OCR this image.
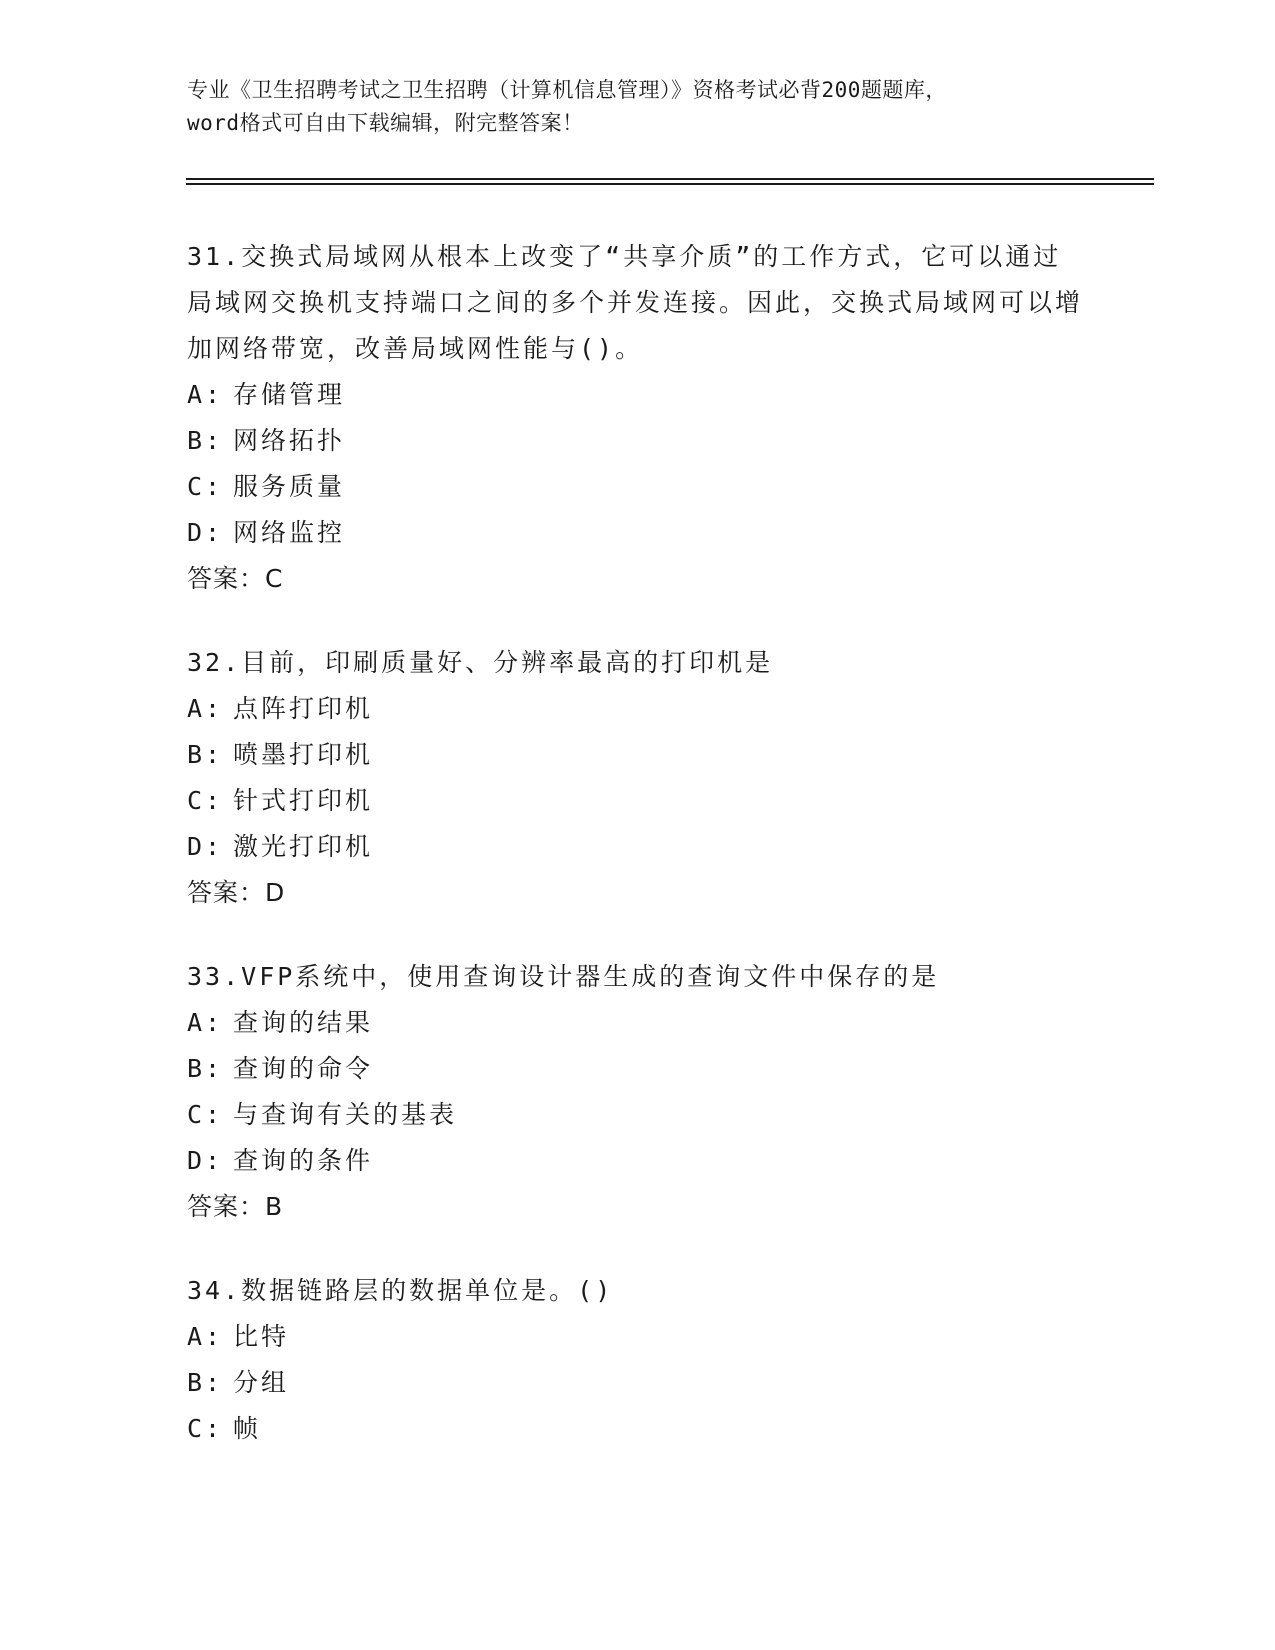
专业《卫生招聘考试之卫生招聘（计算机信息管理）》资格考试必背200题题库，
word格式可自由下载编辑，附完整答案！

31.交换式局域网从根本上改变了“共享介质”的工作方式，它可以通过局域网交换机支持端口之间的多个并发连接。因此，交换式局域网可以增加网络带宽，改善局域网性能与()。

A: 存储管理
B: 网络拓扑
C: 服务质量
D: 网络监控
答案：C

32.目前，印刷质量好、分辨率最高的打印机是

A: 点阵打印机
B: 喷墨打印机
C: 针式打印机
D: 激光打印机
答案：D

33.VFP系统中，使用查询设计器生成的查询文件中保存的是

A: 查询的结果
B: 查询的命令
C: 与查询有关的基表
D: 查询的条件
答案：B

34.数据链路层的数据单位是。()

A: 比特
B: 分组
C: 帧
